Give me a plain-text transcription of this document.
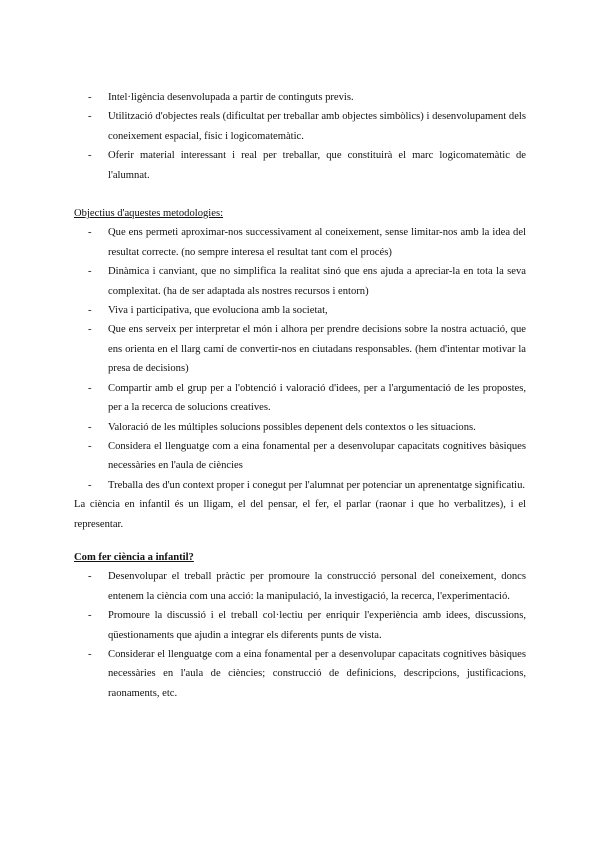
- Intel·ligència desenvolupada a partir de continguts previs.
- Utilització d'objectes reals (dificultat per treballar amb objectes simbòlics) i desenvolupament dels coneixement espacial, físic i logicomatemàtic.
- Oferir material interessant i real per treballar, que constituirà el marc logicomatemàtic de l'alumnat.

Objectius d'aquestes metodologies:

- Que ens permeti aproximar-nos successivament al coneixement, sense limitar-nos amb la idea del resultat correcte. (no sempre interesa el resultat tant com el procés)
- Dinàmica i canviant, que no simplifica la realitat sinó que ens ajuda a apreciar-la en tota la seva complexitat. (ha de ser adaptada als nostres recursos i entorn)
- Viva i participativa, que evoluciona amb la societat,
- Que ens serveix per interpretar el món i alhora per prendre decisions sobre la nostra actuació, que ens orienta en el llarg camí de convertir-nos en ciutadans responsables. (hem d'intentar motivar la presa de decisions)
- Compartir amb el grup per a l'obtenció i valoració d'idees, per a l'argumentació de les propostes, per a la recerca de solucions creatives.
- Valoració de les múltiples solucions possibles depenent dels contextos o les situacions.
- Considera el llenguatge com a eina fonamental per a desenvolupar capacitats cognitives bàsiques necessàries en l'aula de ciències
- Treballa des d'un context proper i conegut per l'alumnat per potenciar un aprenentatge significatiu.

La ciència en infantil és un lligam, el del pensar, el fer, el parlar (raonar i que ho verbalitzes), i el representar.

Com fer ciència a infantil?

- Desenvolupar el treball pràctic per promoure la construcció personal del coneixement, doncs entenem la ciència com una acció: la manipulació, la investigació, la recerca, l'experimentació.
- Promoure la discussió i el treball col·lectiu per enriquir l'experiència amb idees, discussions, qüestionaments que ajudin a integrar els diferents punts de vista.
- Considerar el llenguatge com a eina fonamental per a desenvolupar capacitats cognitives bàsiques necessàries en l'aula de ciències; construcció de definicions, descripcions, justificacions, raonaments, etc.
